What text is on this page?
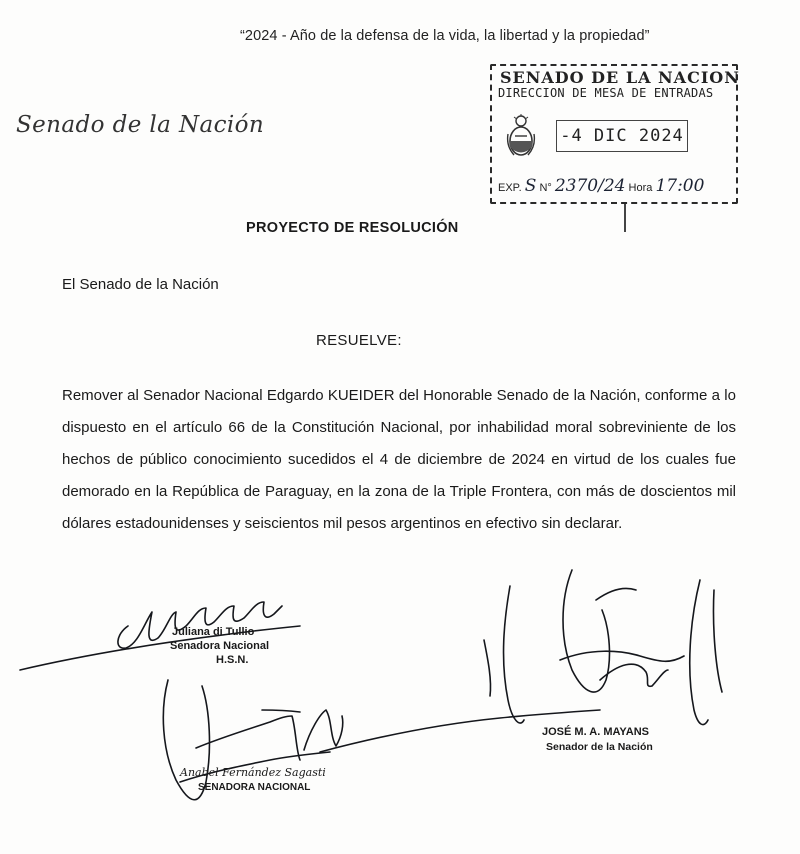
“2024 - Año de la defensa de la vida, la libertad y la propiedad”
Senado de la Nación
SENADO DE LA NACION
DIRECCION DE MESA DE ENTRADAS
-4 DIC 2024
EXP. S N° 2370/24 Hora 17:00
PROYECTO DE RESOLUCIÓN
El Senado de la Nación
RESUELVE:
Remover al Senador Nacional Edgardo KUEIDER del Honorable Senado de la Nación, conforme a lo dispuesto en el artículo 66 de la Constitución Nacional, por inhabilidad moral sobreviniente de los hechos de público conocimiento sucedidos el 4 de diciembre de 2024 en virtud de los cuales fue demorado en la República de Paraguay, en la zona de la Triple Frontera, con más de doscientos mil dólares estadounidenses y seiscientos mil pesos argentinos en efectivo sin declarar.
Juliana di Tullio
Senadora Nacional
H.S.N.
Anabel Fernández Sagasti
SENADORA NACIONAL
JOSÉ M. A. MAYANS
Senador de la Nación
